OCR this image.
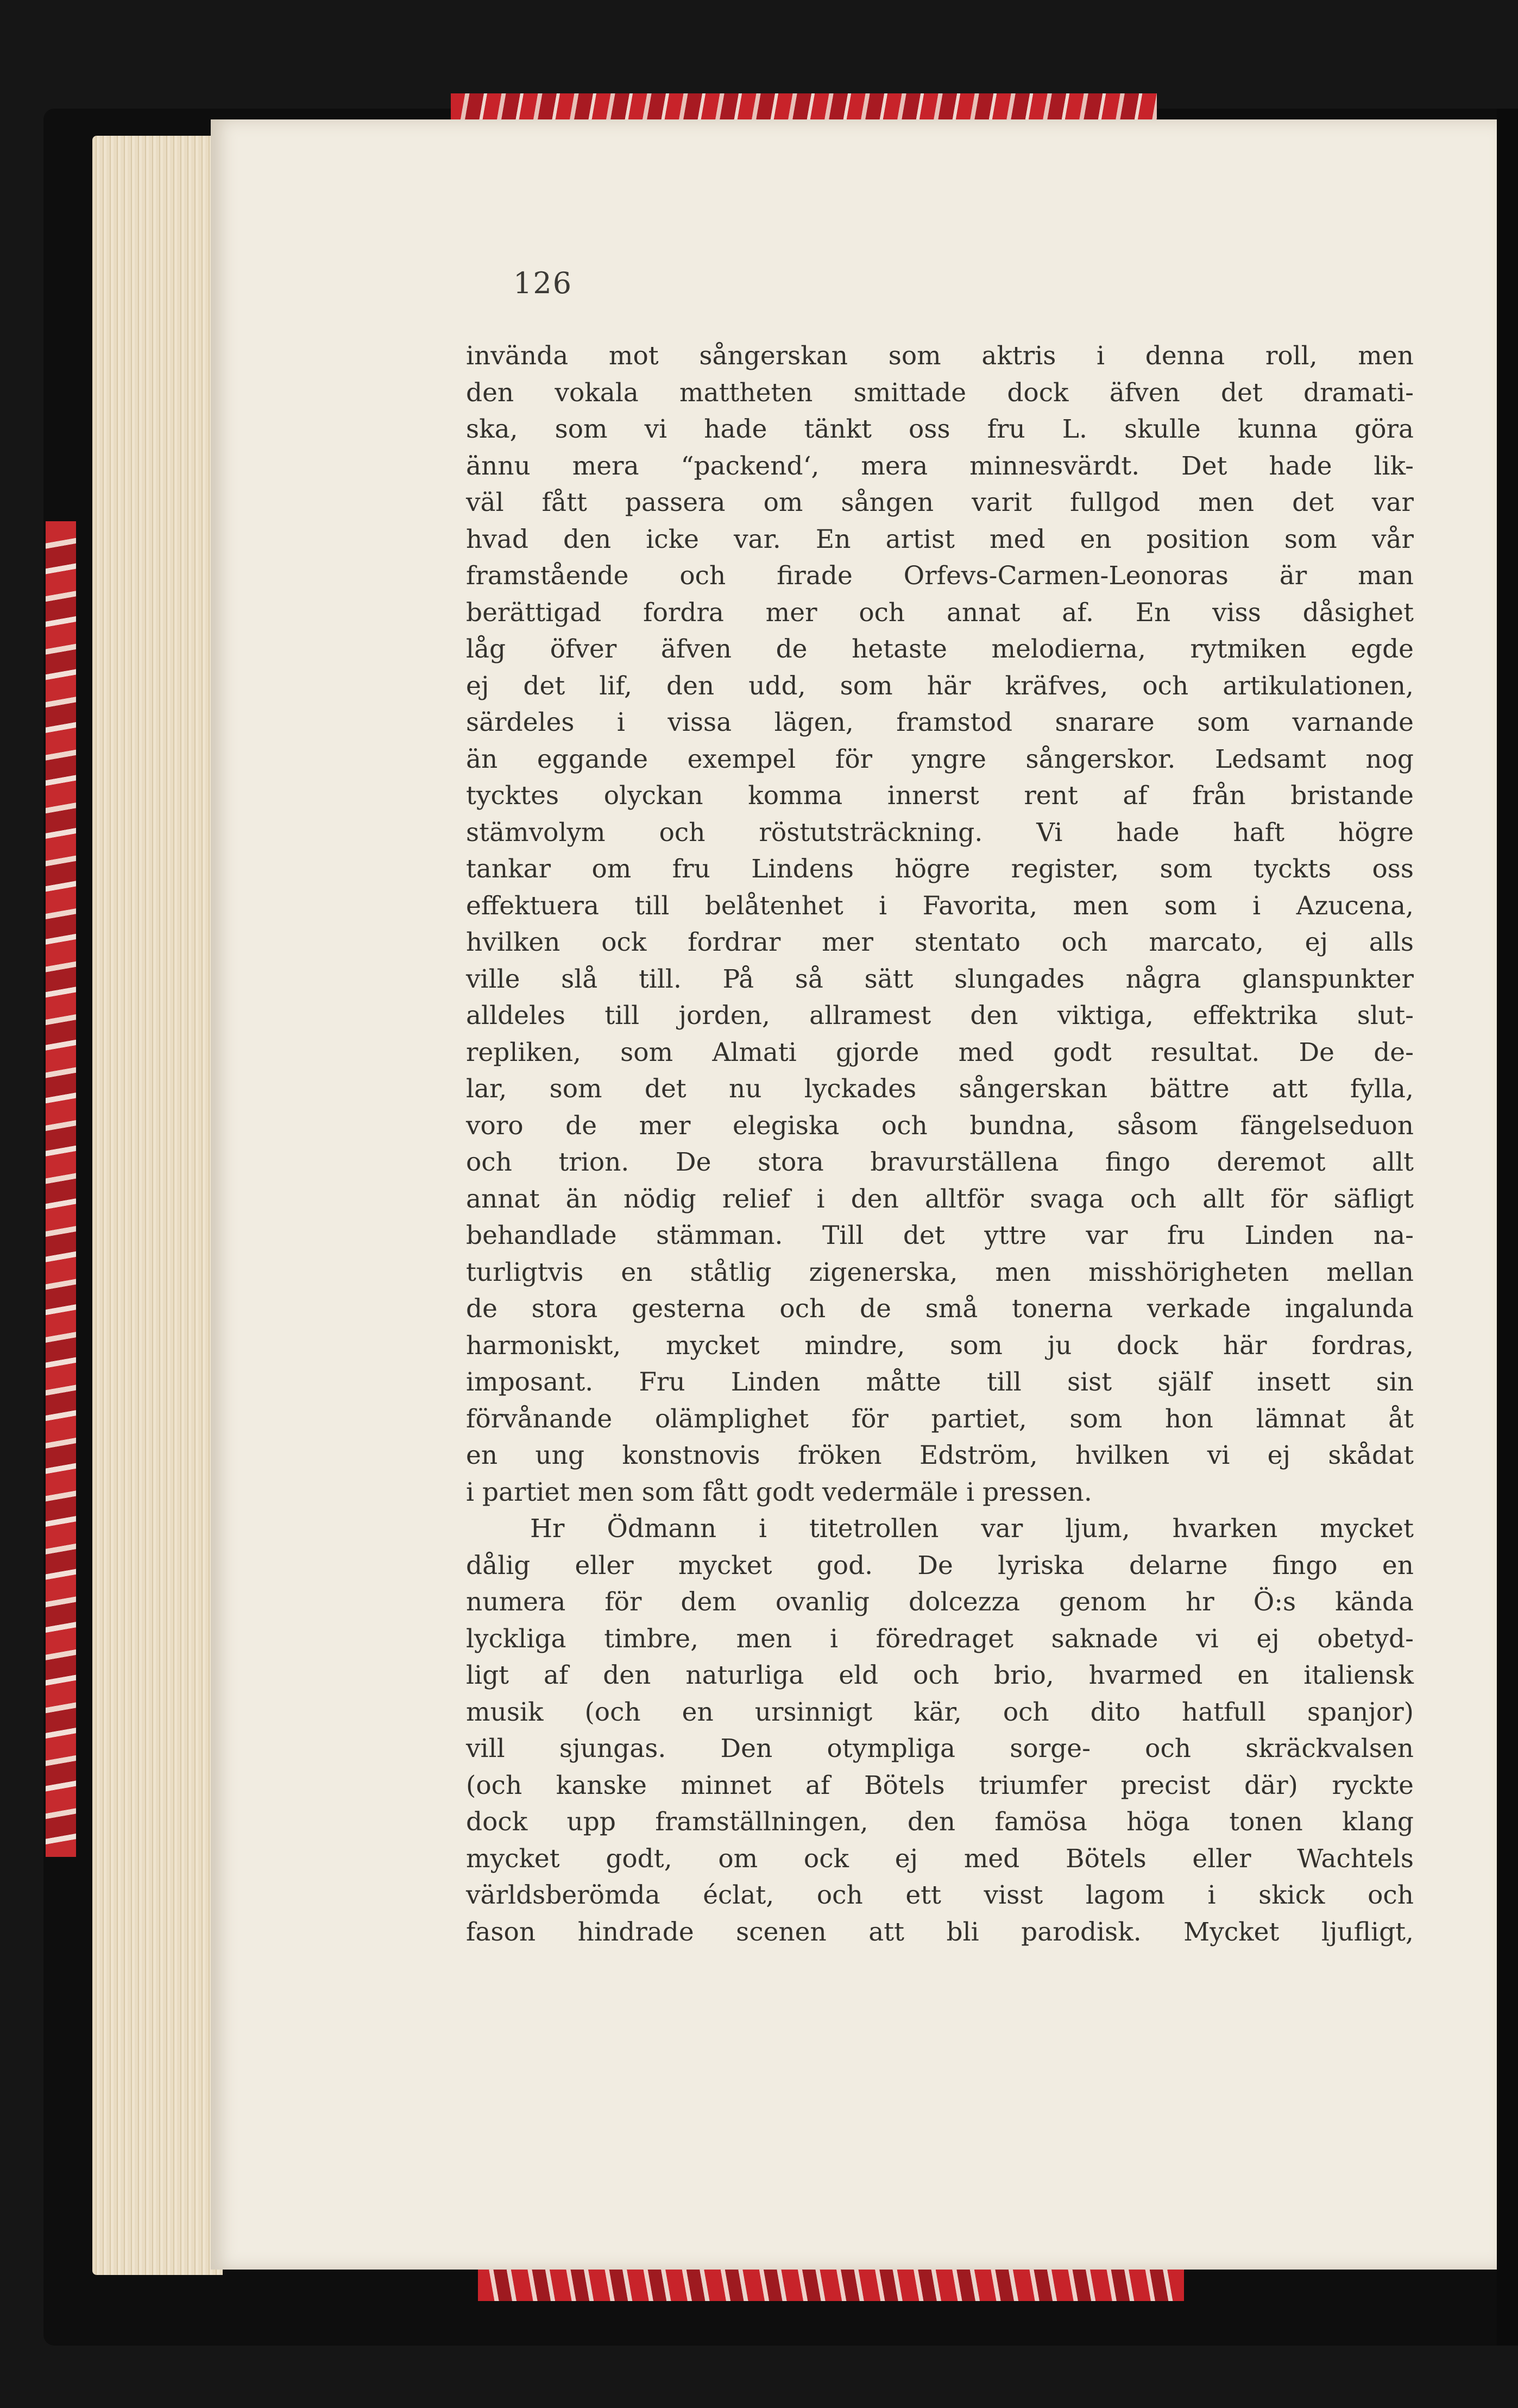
126
invända mot sångerskan som aktris i denna roll, men
den vokala mattheten smittade dock äfven det dramati-
ska, som vi hade tänkt oss fru L. skulle kunna göra
ännu mera “packend‘, mera minnesvärdt. Det hade lik-
väl fått passera om sången varit fullgod men det var
hvad den icke var. En artist med en position som vår
framstående och firade Orfevs-Carmen-Leonoras är man
berättigad fordra mer och annat af. En viss dåsighet
låg öfver äfven de hetaste melodierna, rytmiken egde
ej det lif, den udd, som här kräfves, och artikulationen,
särdeles i vissa lägen, framstod snarare som varnande
än eggande exempel för yngre sångerskor. Ledsamt nog
tycktes olyckan komma innerst rent af från bristande
stämvolym och röstutsträckning. Vi hade haft högre
tankar om fru Lindens högre register, som tyckts oss
effektuera till belåtenhet i Favorita, men som i Azucena,
hvilken ock fordrar mer stentato och marcato, ej alls
ville slå till. På så sätt slungades några glanspunkter
alldeles till jorden, allramest den viktiga, effektrika slut-
repliken, som Almati gjorde med godt resultat. De de-
lar, som det nu lyckades sångerskan bättre att fylla,
voro de mer elegiska och bundna, såsom fängelseduon
och trion. De stora bravurställena fingo deremot allt
annat än nödig relief i den alltför svaga och allt för säfligt
behandlade stämman. Till det yttre var fru Linden na-
turligtvis en ståtlig zigenerska, men misshörigheten mellan
de stora gesterna och de små tonerna verkade ingalunda
harmoniskt, mycket mindre, som ju dock här fordras,
imposant. Fru Linden måtte till sist själf insett sin
förvånande olämplighet för partiet, som hon lämnat åt
en ung konstnovis fröken Edström, hvilken vi ej skådat
i partiet men som fått godt vedermäle i pressen.
Hr Ödmann i titetrollen var ljum, hvarken mycket
dålig eller mycket god. De lyriska delarne fingo en
numera för dem ovanlig dolcezza genom hr Ö:s kända
lyckliga timbre, men i föredraget saknade vi ej obetyd-
ligt af den naturliga eld och brio, hvarmed en italiensk
musik (och en ursinnigt kär, och dito hatfull spanjor)
vill sjungas. Den otympliga sorge- och skräckvalsen
(och kanske minnet af Bötels triumfer precist där) ryckte
dock upp framställningen, den famösa höga tonen klang
mycket godt, om ock ej med Bötels eller Wachtels
världsberömda éclat, och ett visst lagom i skick och
fason hindrade scenen att bli parodisk. Mycket ljufligt,
